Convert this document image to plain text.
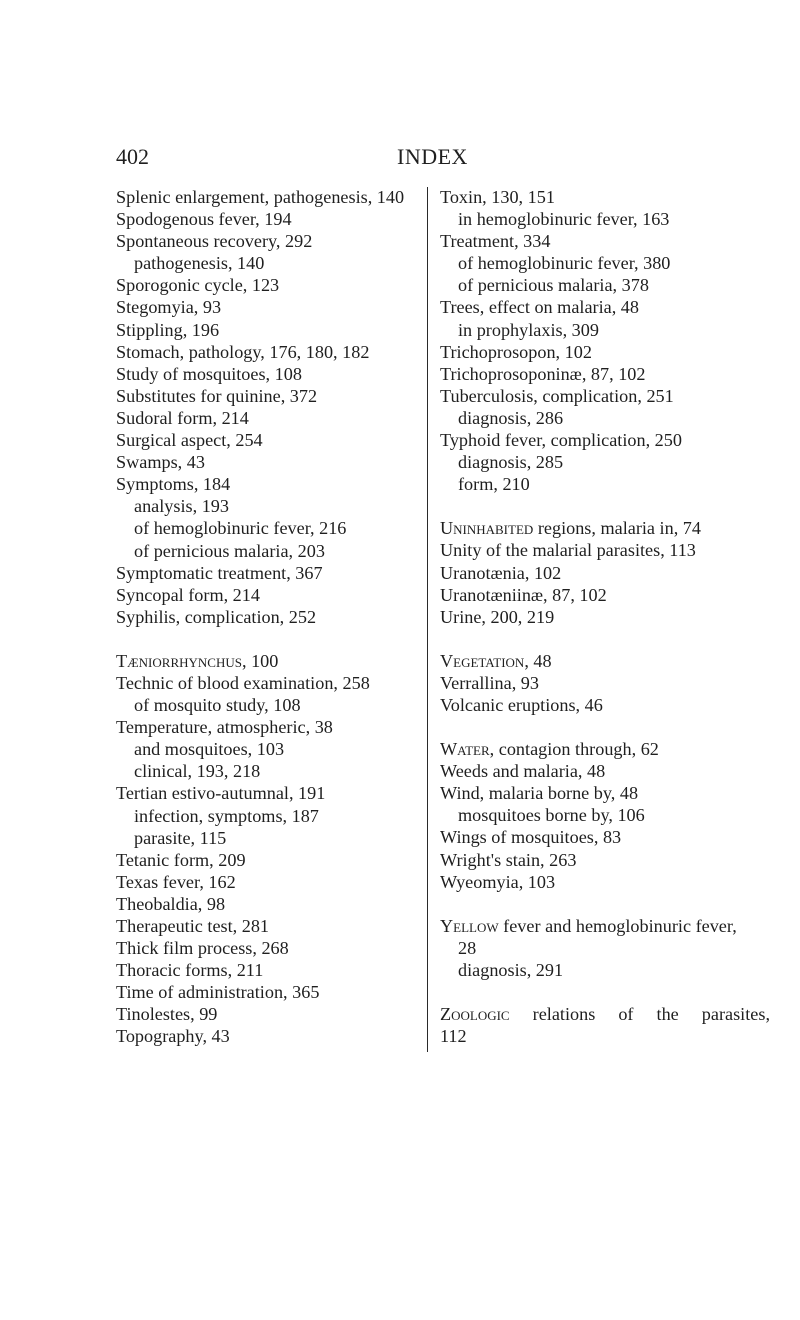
402	INDEX
Splenic enlargement, pathogenesis, 140
Spodogenous fever, 194
Spontaneous recovery, 292
pathogenesis, 140
Sporogonic cycle, 123
Stegomyia, 93
Stippling, 196
Stomach, pathology, 176, 180, 182
Study of mosquitoes, 108
Substitutes for quinine, 372
Sudoral form, 214
Surgical aspect, 254
Swamps, 43
Symptoms, 184
analysis, 193
of hemoglobinuric fever, 216
of pernicious malaria, 203
Symptomatic treatment, 367
Syncopal form, 214
Syphilis, complication, 252
Tæniorrhynchus, 100
Technic of blood examination, 258
of mosquito study, 108
Temperature, atmospheric, 38
and mosquitoes, 103
clinical, 193, 218
Tertian estivo-autumnal, 191
infection, symptoms, 187
parasite, 115
Tetanic form, 209
Texas fever, 162
Theobaldia, 98
Therapeutic test, 281
Thick film process, 268
Thoracic forms, 211
Time of administration, 365
Tinolestes, 99
Topography, 43
Toxin, 130, 151
in hemoglobinuric fever, 163
Treatment, 334
of hemoglobinuric fever, 380
of pernicious malaria, 378
Trees, effect on malaria, 48
in prophylaxis, 309
Trichoprosopon, 102
Trichoprosoponinæ, 87, 102
Tuberculosis, complication, 251
diagnosis, 286
Typhoid fever, complication, 250
diagnosis, 285
form, 210
Uninhabited regions, malaria in, 74
Unity of the malarial parasites, 113
Uranotænia, 102
Uranotæniinæ, 87, 102
Urine, 200, 219
Vegetation, 48
Verrallina, 93
Volcanic eruptions, 46
Water, contagion through, 62
Weeds and malaria, 48
Wind, malaria borne by, 48
mosquitoes borne by, 106
Wings of mosquitoes, 83
Wright's stain, 263
Wyeomyia, 103
Yellow fever and hemoglobinuric fever,
28
diagnosis, 291
Zoologic relations of the parasites,
112
